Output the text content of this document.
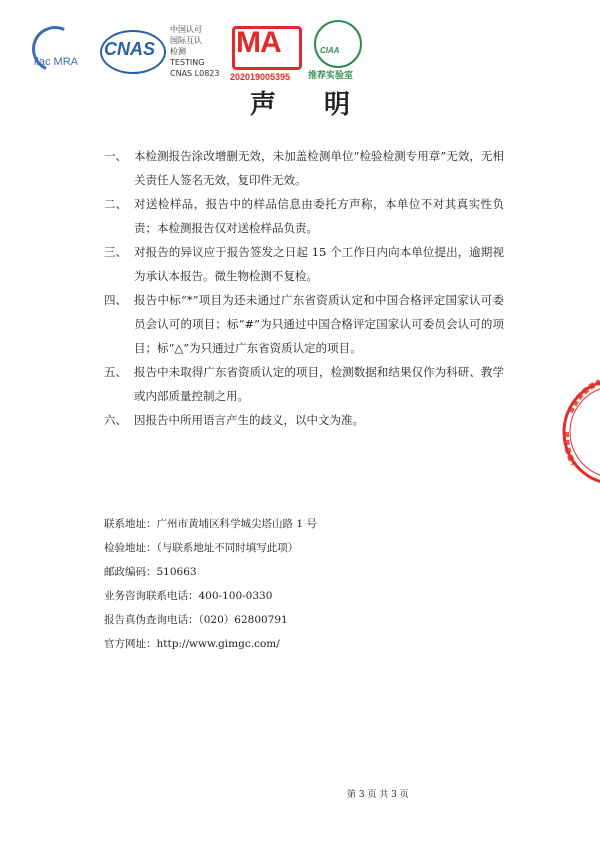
ilac MRA
CNAS
中国认可
国际互认
检测
TESTING
CNAS L0823
MA
202019005395
CIAA
推荐实验室
声明
一、 本检测报告涂改增删无效，未加盖检测单位“检验检测专用章”无效，无相关责任人签名无效，复印件无效。
二、 对送检样品，报告中的样品信息由委托方声称，本单位不对其真实性负责；本检测报告仅对送检样品负责。
三、 对报告的异议应于报告签发之日起 15 个工作日内向本单位提出，逾期视为承认本报告。微生物检测不复检。
四、 报告中标“*”项目为还未通过广东省资质认定和中国合格评定国家认可委员会认可的项目；标“#”为只通过中国合格评定国家认可委员会认可的项目；标“△”为只通过广东省资质认定的项目。
五、 报告中未取得广东省资质认定的项目，检测数据和结果仅作为科研、教学或内部质量控制之用。
六、 因报告中所用语言产生的歧义，以中文为准。
联系地址：广州市黄埔区科学城尖塔山路 1 号
检验地址：（与联系地址不同时填写此项）
邮政编码：510663
业务咨询联系电话：400-100-0330
报告真伪查询电话：（020）62800791
官方网址：http://www.gimgc.com/
第 3 页 共 3 页
